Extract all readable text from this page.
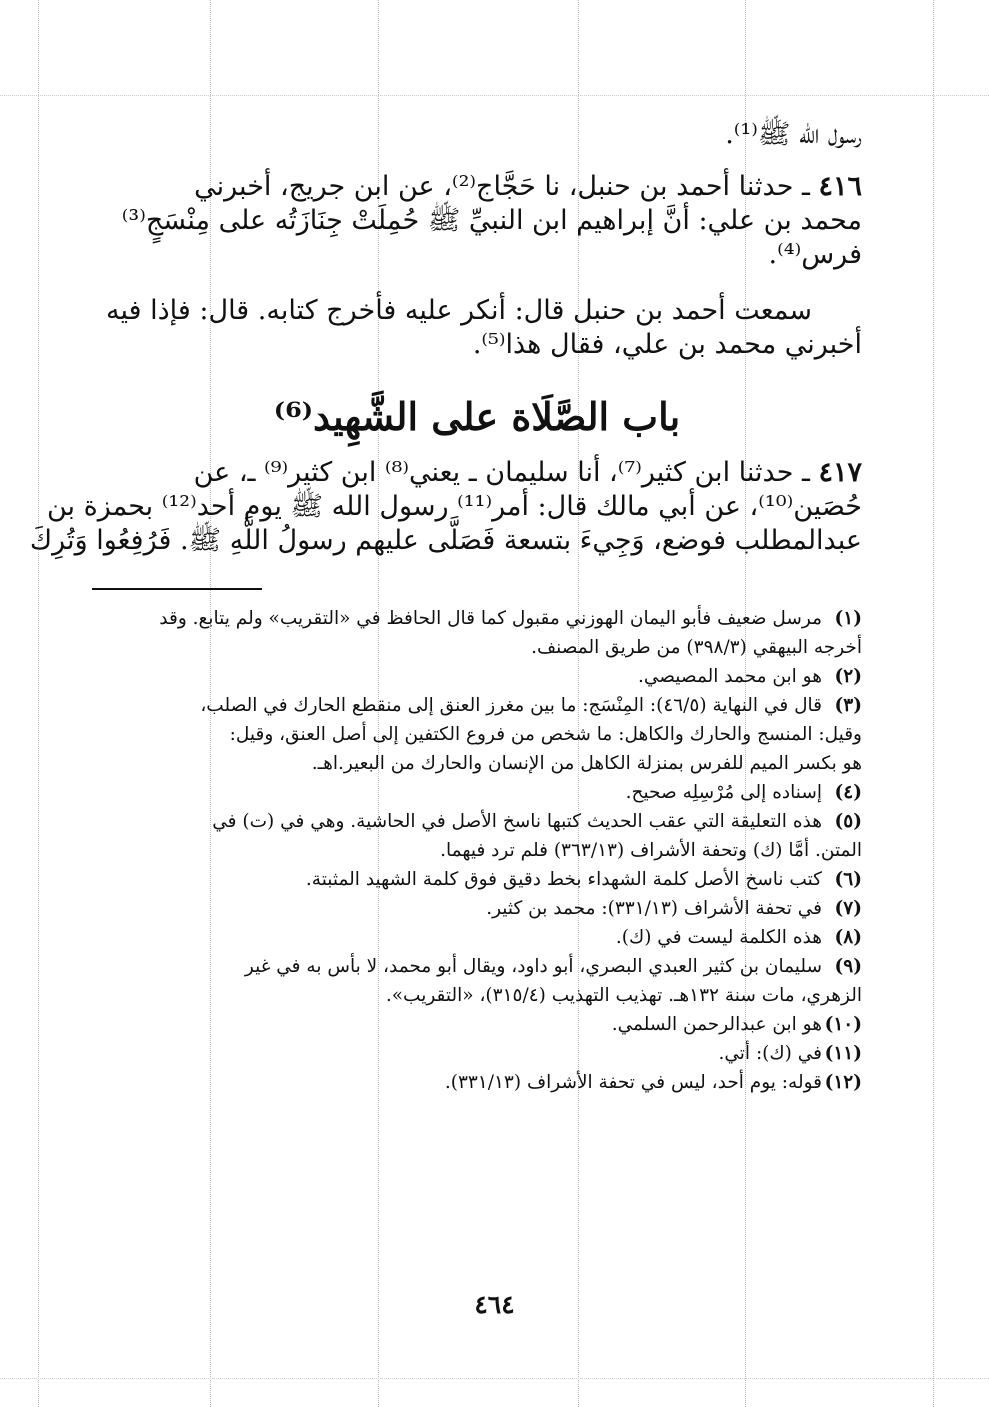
رسول الله ﷺ⁽¹⁾.
٤١٦ ـ حدثنا أحمد بن حنبل، نا حَجَّاج⁽²⁾، عن ابن جريج، أخبرني
محمد بن علي: أنَّ إبراهيم ابن النبيِّ ﷺ حُمِلَتْ جِنَازَتُه على مِنْسَجٍ⁽³⁾
فرس⁽⁴⁾.
سمعت أحمد بن حنبل قال: أنكر عليه فأخرج كتابه. قال: فإذا فيه
أخبرني محمد بن علي، فقال هذا⁽⁵⁾.
باب الصَّلَاة على الشَّهِيد⁽⁶⁾
٤١٧ ـ حدثنا ابن كثير⁽⁷⁾، أنا سليمان ـ يعني⁽⁸⁾ ابن كثير⁽⁹⁾ ـ، عن
حُصَين⁽¹⁰⁾، عن أبي مالك قال: أمر⁽¹¹⁾ رسول الله ﷺ يوم أحد⁽¹²⁾ بحمزة بن
عبدالمطلب فوضع، وَجِيءَ بتسعة فَصَلَّى عليهم رسولُ اللَّهِ ﷺ. فَرُفِعُوا وَتُرِكَ
(١)مرسل ضعيف فأبو اليمان الهوزني مقبول كما قال الحافظ في «التقريب» ولم يتابع. وقد
أخرجه البيهقي (٣٩٨/٣) من طريق المصنف.
(٢)هو ابن محمد المصيصي.
(٣)قال في النهاية (٤٦/٥): المِنْسَج: ما بين مغرز العنق إلى منقطع الحارك في الصلب،
وقيل: المنسج والحارك والكاهل: ما شخص من فروع الكتفين إلى أصل العنق، وقيل:
هو بكسر الميم للفرس بمنزلة الكاهل من الإنسان والحارك من البعير.اهـ.
(٤)إسناده إلى مُرْسِلِه صحيح.
(٥)هذه التعليقة التي عقب الحديث كتبها ناسخ الأصل في الحاشية. وهي في (ت) في
المتن. أمَّا (ك) وتحفة الأشراف (٣٦٣/١٣) فلم ترد فيهما.
(٦)كتب ناسخ الأصل كلمة الشهداء بخط دقيق فوق كلمة الشهيد المثبتة.
(٧)في تحفة الأشراف (٣٣١/١٣): محمد بن كثير.
(٨)هذه الكلمة ليست في (ك).
(٩)سليمان بن كثير العبدي البصري، أبو داود، ويقال أبو محمد، لا بأس به في غير
الزهري، مات سنة ١٣٢هـ. تهذيب التهذيب (٣١٥/٤)، «التقريب».
(١٠)هو ابن عبدالرحمن السلمي.
(١١)في (ك): أتي.
(١٢)قوله: يوم أحد، ليس في تحفة الأشراف (٣٣١/١٣).
٤٦٤
